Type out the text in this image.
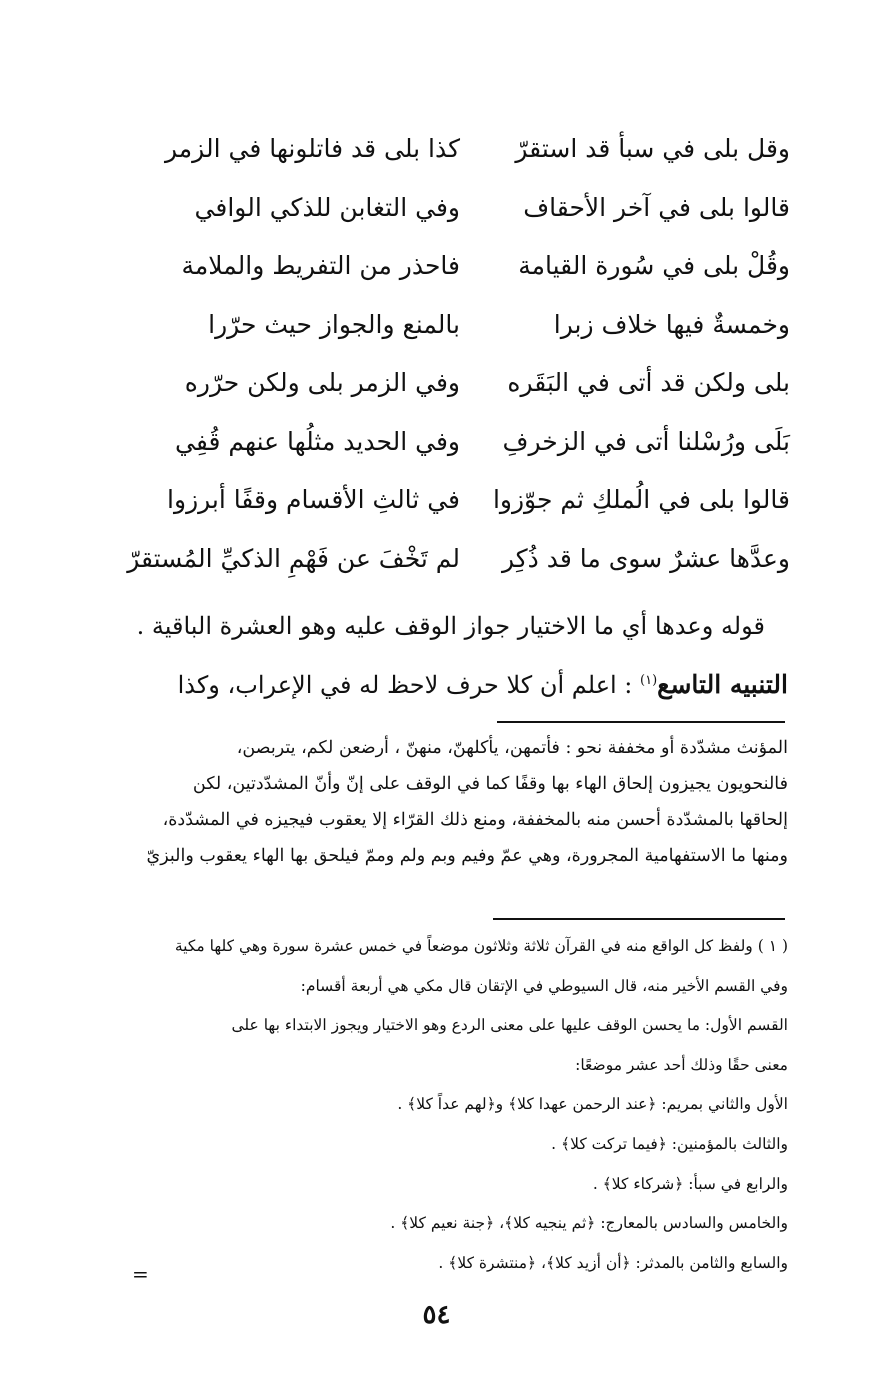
وقل بلى في سبأ قد استقرّ
كذا بلى قد فاتلونها في الزمر
قالوا بلى في آخر الأحقاف
وفي التغابن للذكي الوافي
وقُلْ بلى في سُورة القيامة
فاحذر من التفريط والملامة
وخمسةٌ فيها خلاف زبرا
بالمنع والجواز حيث حرّرا
بلى ولكن قد أتى في البَقَره
وفي الزمر بلى ولكن حرّره
بَلَى ورُسْلنا أتى في الزخرفِ
وفي الحديد مثلُها عنهم قُفِي
قالوا بلى في الُملكِ ثم جوّزوا
في ثالثِ الأقسام وقفًا أبرزوا
وعدَّها عشرٌ سوى ما قد ذُكِر
لم تَخْفَ عن فَهْمِ الذكيِّ المُستقرّ
قوله وعدها أي ما الاختيار جواز الوقف عليه وهو العشرة الباقية .
التنبيه التاسع$^{(١)}$ : اعلم أن كلا حرف لاحظ له في الإعراب، وكذا
المؤنث مشدّدة أو مخففة نحو : فأتمهن، يأكلهنّ، منهنّ ، أرضعن لكم، يتربصن،
فالنحويون يجيزون إلحاق الهاء بها وقفًا كما في الوقف على إنّ وأنّ المشدّدتين، لكن
إلحاقها بالمشدّدة أحسن منه بالمخففة، ومنع ذلك القرّاء إلا يعقوب فيجيزه في المشدّدة،
ومنها ما الاستفهامية المجرورة، وهي عمّ وفيم وبم ولم وممّ فيلحق بها الهاء يعقوب والبزيّ
( ١ ) ولفظ كل الواقع منه في القرآن ثلاثة وثلاثون موضعاً في خمس عشرة سورة وهي كلها مكية
وفي القسم الأخير منه، قال السيوطي في الإتقان قال مكي هي أربعة أقسام:
القسم الأول: ما يحسن الوقف عليها على معنى الردع وهو الاختيار ويجوز الابتداء بها على
معنى حقًا وذلك أحد عشر موضعًا:
الأول والثاني بمريم: ﴿عند الرحمن عهدا كلا﴾ و﴿لهم عداً كلا﴾ .
والثالث بالمؤمنين: ﴿فيما تركت كلا﴾ .
والرابع في سبأ: ﴿شركاء كلا﴾ .
والخامس والسادس بالمعارج: ﴿ثم ينجيه كلا﴾، ﴿جنة نعيم كلا﴾ .
والسابع والثامن بالمدثر: ﴿أن أزيد كلا﴾، ﴿منتشرة كلا﴾ .
=
٥٤
